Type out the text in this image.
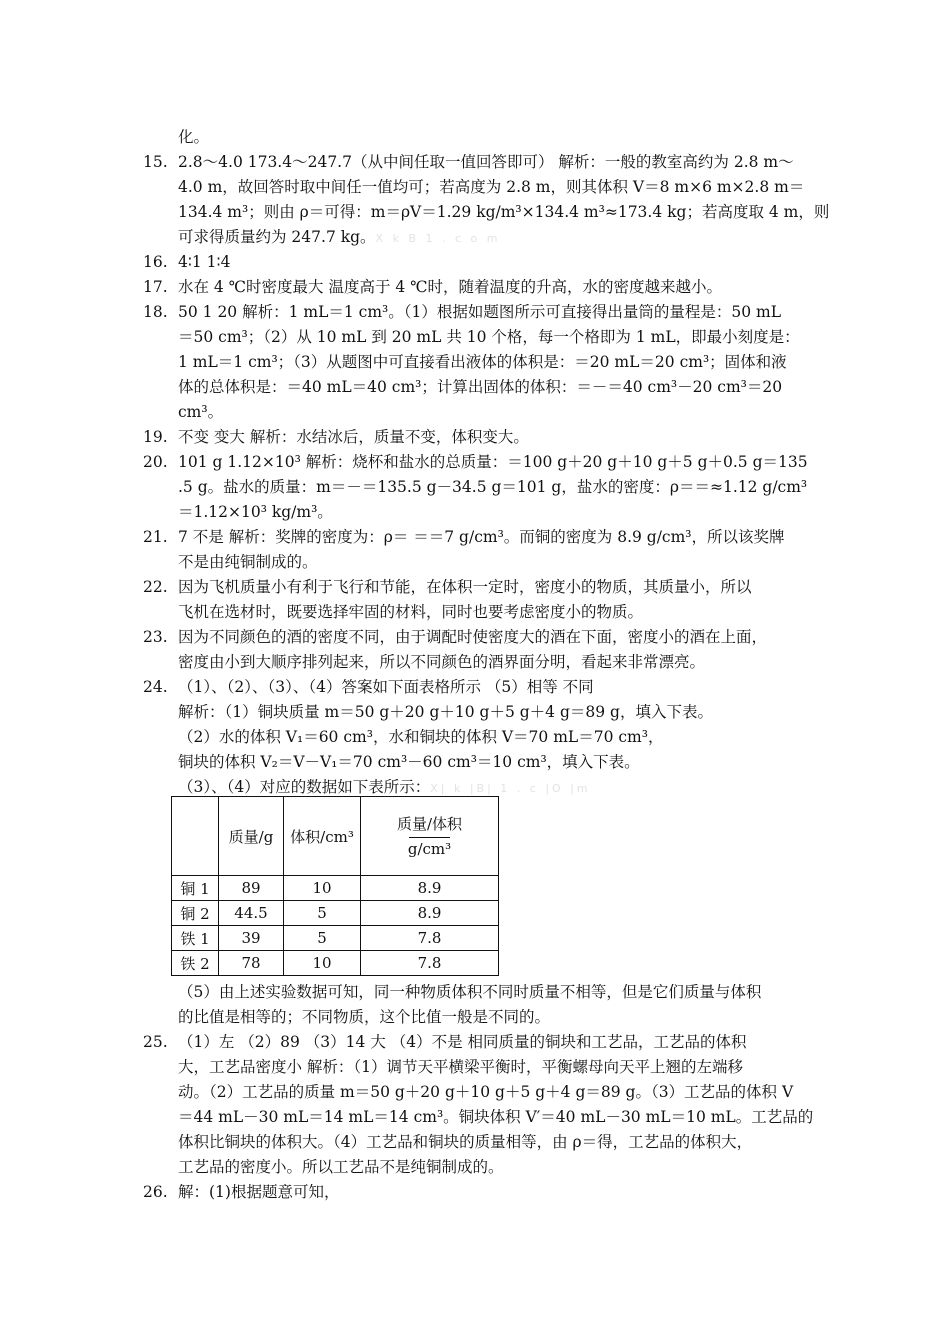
化。
15. 2.8～4.0 173.4～247.7（从中间任取一值回答即可） 解析：一般的教室高约为 2.8 m～
4.0 m，故回答时取中间任一值均可；若高度为 2.8 m，则其体积 V＝8 m×6 m×2.8 m＝
134.4 m³；则由 ρ＝可得：m＝ρV＝1.29 kg/m³×134.4 m³≈173.4 kg；若高度取 4 m，则
可求得质量约为 247.7 kg。X k B 1 . c o m
16. 4∶1 1∶4
17. 水在 4 ℃时密度最大 温度高于 4 ℃时，随着温度的升高，水的密度越来越小。
18. 50 1 20 解析：1 mL＝1 cm³。（1）根据如题图所示可直接得出量筒的量程是：50 mL
＝50 cm³；（2）从 10 mL 到 20 mL 共 10 个格，每一个格即为 1 mL，即最小刻度是：
1 mL＝1 cm³；（3）从题图中可直接看出液体的体积是：＝20 mL＝20 cm³；固体和液
体的总体积是：＝40 mL＝40 cm³；计算出固体的体积：＝－＝40 cm³－20 cm³＝20
cm³。
19. 不变 变大 解析：水结冰后，质量不变，体积变大。
20. 101 g 1.12×10³ 解析：烧杯和盐水的总质量：＝100 g＋20 g＋10 g＋5 g＋0.5 g＝135
.5 g。盐水的质量：m＝－＝135.5 g－34.5 g＝101 g，盐水的密度：ρ＝＝≈1.12 g/cm³
＝1.12×10³ kg/m³。
21. 7 不是 解析：奖牌的密度为：ρ＝ ＝＝7 g/cm³。而铜的密度为 8.9 g/cm³，所以该奖牌
不是由纯铜制成的。
22. 因为飞机质量小有利于飞行和节能，在体积一定时，密度小的物质，其质量小，所以
飞机在选材时，既要选择牢固的材料，同时也要考虑密度小的物质。
23. 因为不同颜色的酒的密度不同，由于调配时使密度大的酒在下面，密度小的酒在上面，
密度由小到大顺序排列起来，所以不同颜色的酒界面分明，看起来非常漂亮。
24. （1）、（2）、（3）、（4）答案如下面表格所示 （5）相等 不同
解析：（1）铜块质量 m＝50 g＋20 g＋10 g＋5 g＋4 g＝89 g，填入下表。
（2）水的体积 V₁＝60 cm³，水和铜块的体积 V＝70 mL＝70 cm³，
铜块的体积 V₂＝V－V₁＝70 cm³－60 cm³＝10 cm³，填入下表。
（3）、（4）对应的数据如下表所示：X| k |B| 1 . c |O |m
	质量/g	体积/cm³	$\frac{\text{质量/体积}}{\text{g/cm³}}$
铜 1	89	10	8.9
铜 2	44.5	5	8.9
铁 1	39	5	7.8
铁 2	78	10	7.8
（5）由上述实验数据可知，同一种物质体积不同时质量不相等，但是它们质量与体积
的比值是相等的；不同物质，这个比值一般是不同的。
25. （1）左 （2）89 （3）14 大 （4）不是 相同质量的铜块和工艺品，工艺品的体积
大，工艺品密度小 解析：（1）调节天平横梁平衡时，平衡螺母向天平上翘的左端移
动。（2）工艺品的质量 m＝50 g＋20 g＋10 g＋5 g＋4 g＝89 g。（3）工艺品的体积 V
＝44 mL－30 mL＝14 mL＝14 cm³。铜块体积 V′＝40 mL－30 mL＝10 mL。工艺品的
体积比铜块的体积大。（4）工艺品和铜块的质量相等，由 ρ＝得，工艺品的体积大，
工艺品的密度小。所以工艺品不是纯铜制成的。
26. 解：(1)根据题意可知，
